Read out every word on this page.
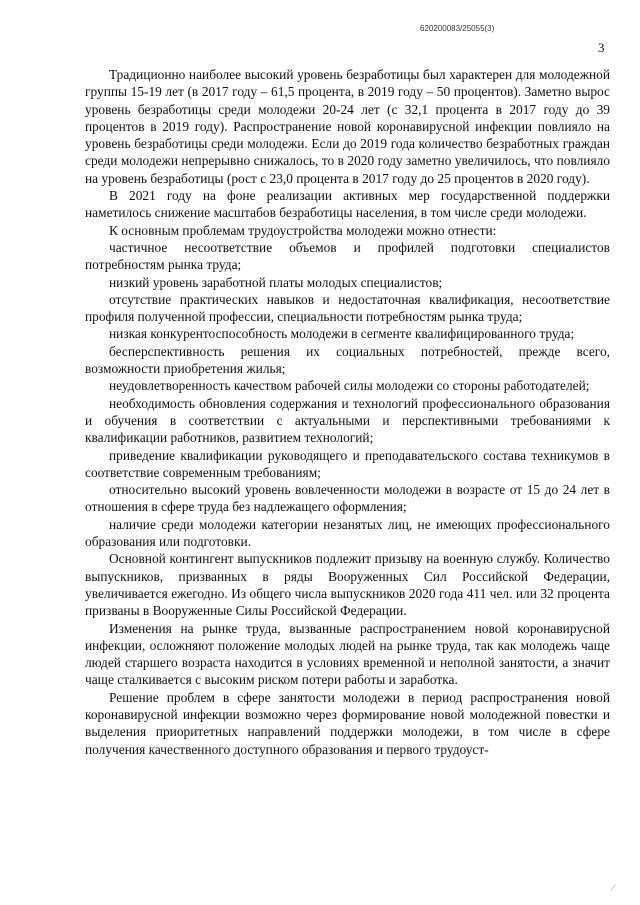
620200083/25055(3)
3

Традиционно наиболее высокий уровень безработицы был характерен для молодежной группы 15-19 лет (в 2017 году – 61,5 процента, в 2019 году – 50 процентов). Заметно вырос уровень безработицы среди молодежи 20-24 лет (с 32,1 процента в 2017 году до 39 процентов в 2019 году). Распространение новой коронавирусной инфекции повлияло на уровень безработицы среди молодежи. Если до 2019 года количество безработных граждан среди молодежи непрерывно снижалось, то в 2020 году заметно увеличилось, что повлияло на уровень безработицы (рост с 23,0 процента в 2017 году до 25 процентов в 2020 году).

В 2021 году на фоне реализации активных мер государственной поддержки наметилось снижение масштабов безработицы населения, в том числе среди молодежи.

К основным проблемам трудоустройства молодежи можно отнести:

частичное несоответствие объемов и профилей подготовки специалистов потребностям рынка труда;

низкий уровень заработной платы молодых специалистов;

отсутствие практических навыков и недостаточная квалификация, несоответствие профиля полученной профессии, специальности потребностям рынка труда;

низкая конкурентоспособность молодежи в сегменте квалифицированного труда;

бесперспективность решения их социальных потребностей, прежде всего, возможности приобретения жилья;

неудовлетворенность качеством рабочей силы молодежи со стороны работодателей;

необходимость обновления содержания и технологий профессионального образования и обучения в соответствии с актуальными и перспективными требованиями к квалификации работников, развитием технологий;

приведение квалификации руководящего и преподавательского состава техникумов в соответствие современным требованиям;

относительно высокий уровень вовлеченности молодежи в возрасте от 15 до 24 лет в отношения в сфере труда без надлежащего оформления;

наличие среди молодежи категории незанятых лиц, не имеющих профессионального образования или подготовки.

Основной контингент выпускников подлежит призыву на военную службу. Количество выпускников, призванных в ряды Вооруженных Сил Российской Федерации, увеличивается ежегодно. Из общего числа выпускников 2020 года 411 чел. или 32 процента призваны в Вооруженные Силы Российской Федерации.

Изменения на рынке труда, вызванные распространением новой коронавирусной инфекции, осложняют положение молодых людей на рынке труда, так как молодежь чаще людей старшего возраста находится в условиях временной и неполной занятости, а значит чаще сталкивается с высоким риском потери работы и заработка.

Решение проблем в сфере занятости молодежи в период распространения новой коронавирусной инфекции возможно через формирование новой молодежной повестки и выделения приоритетных направлений поддержки молодежи, в том числе в сфере получения качественного доступного образования и первого трудоуст-

⁄
